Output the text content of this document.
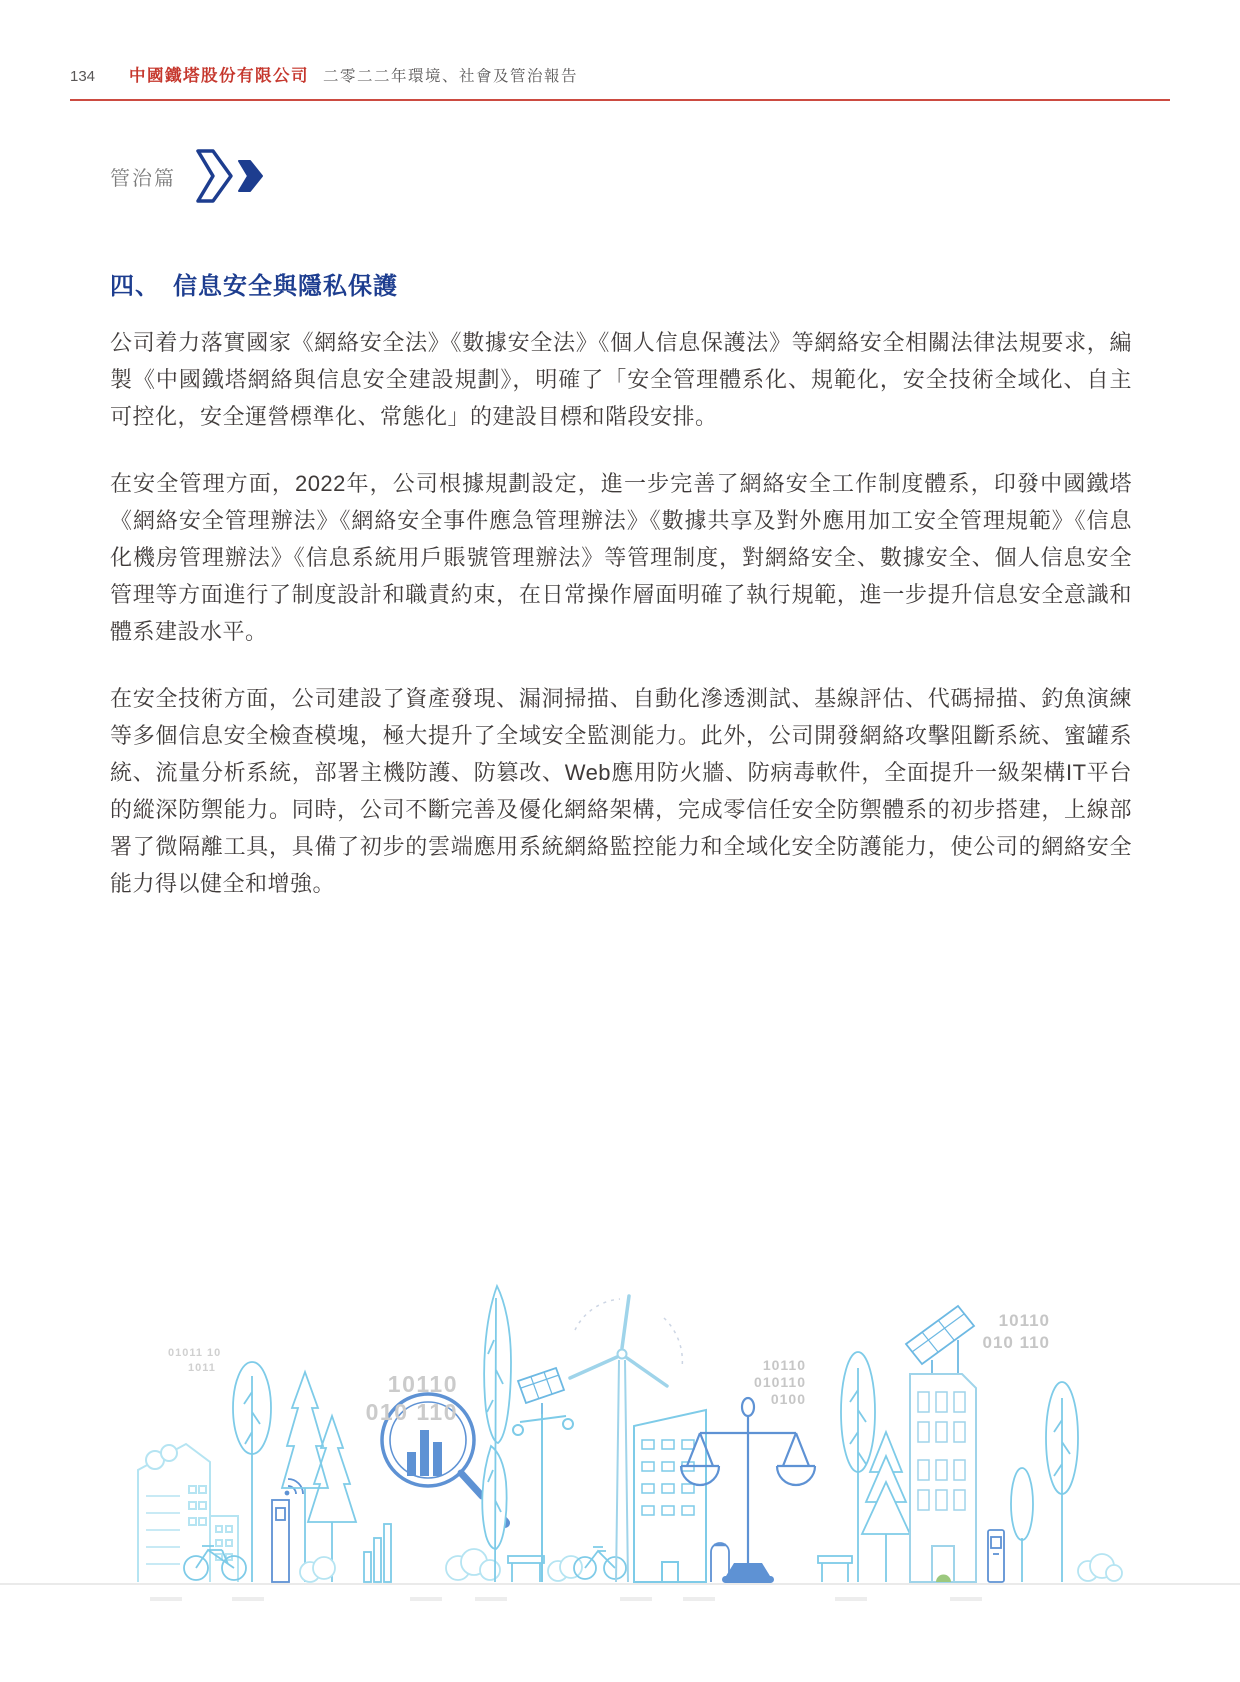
134 中國鐵塔股份有限公司 二零二二年環境、社會及管治報告
管治篇
四、　信息安全與隱私保護

公司着力落實國家《網絡安全法》《數據安全法》《個人信息保護法》等網絡安全相關法律法規要求，編製《中國鐵塔網絡與信息安全建設規劃》，明確了「安全管理體系化、規範化，安全技術全域化、自主可控化，安全運營標準化、常態化」的建設目標和階段安排。

在安全管理方面，2022年，公司根據規劃設定，進一步完善了網絡安全工作制度體系，印發中國鐵塔《網絡安全管理辦法》《網絡安全事件應急管理辦法》《數據共享及對外應用加工安全管理規範》《信息化機房管理辦法》《信息系統用戶賬號管理辦法》等管理制度，對網絡安全、數據安全、個人信息安全管理等方面進行了制度設計和職責約束，在日常操作層面明確了執行規範，進一步提升信息安全意識和體系建設水平。

在安全技術方面，公司建設了資產發現、漏洞掃描、自動化滲透測試、基線評估、代碼掃描、釣魚演練等多個信息安全檢查模塊，極大提升了全域安全監測能力。此外，公司開發網絡攻擊阻斷系統、蜜罐系統、流量分析系統，部署主機防護、防篡改、Web應用防火牆、防病毒軟件，全面提升一級架構IT平台的縱深防禦能力。同時，公司不斷完善及優化網絡架構，完成零信任安全防禦體系的初步搭建，上線部署了微隔離工具，具備了初步的雲端應用系統網絡監控能力和全域化安全防護能力，使公司的網絡安全能力得以健全和增強。

01011 10
1011
10110
010 110
10110
010110
0100
10110
010 110
